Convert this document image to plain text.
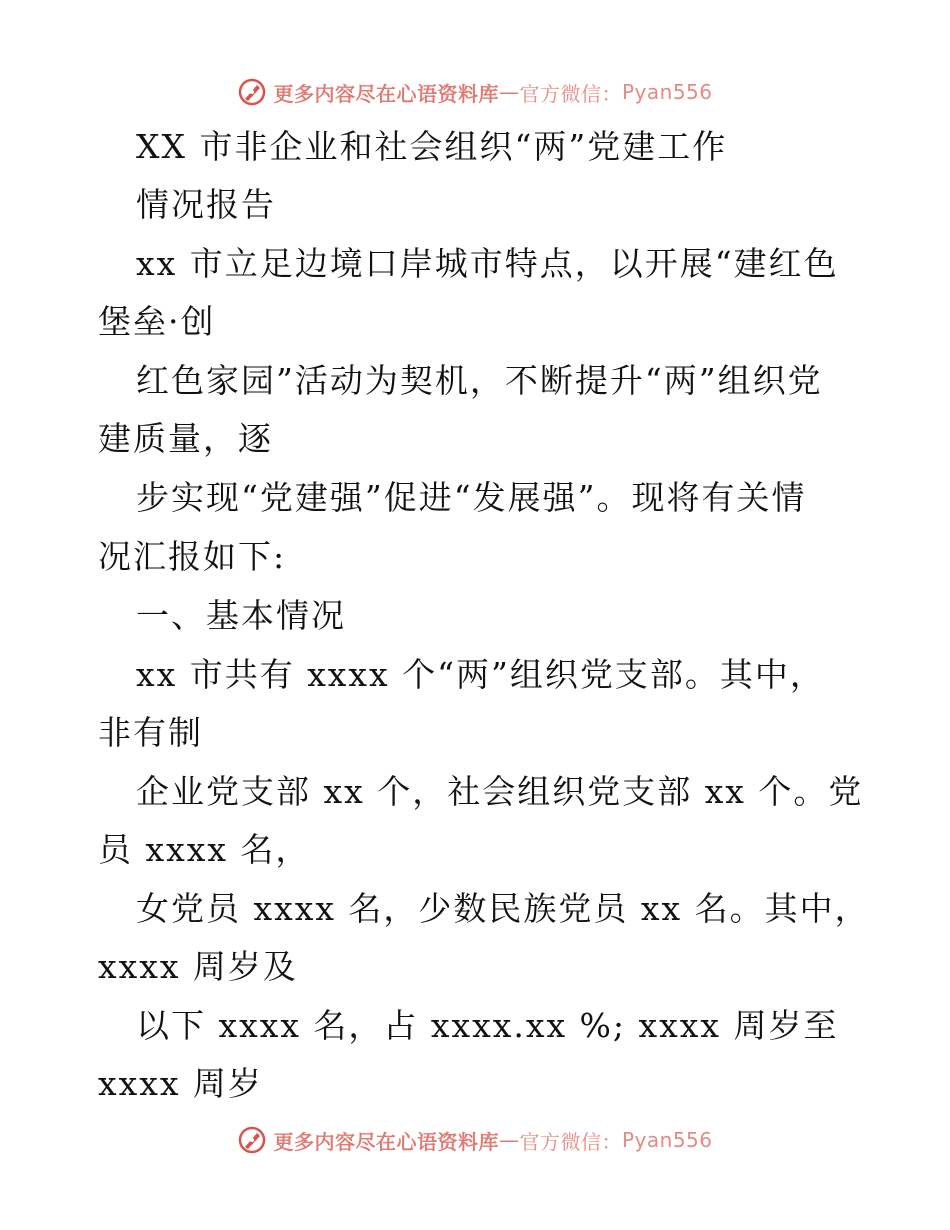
更多内容尽在心语资料库 — 官方微信： Pyan556
XX 市非企业和社会组织“两”党建工作
情况报告
xx 市立足边境口岸城市特点，以开展“建红色
堡垒·创
红色家园”活动为契机，不断提升“两”组织党
建质量，逐
步实现“党建强”促进“发展强”。现将有关情
况汇报如下:
一、基本情况
xx 市共有 xxxx 个“两”组织党支部。其中，
非有制
企业党支部 xx 个，社会组织党支部 xx 个。党
员 xxxx 名，
女党员 xxxx 名，少数民族党员 xx 名。其中，
xxxx 周岁及
以下 xxxx 名，占 xxxx.xx %; xxxx 周岁至
xxxx 周岁
更多内容尽在心语资料库 — 官方微信： Pyan556
